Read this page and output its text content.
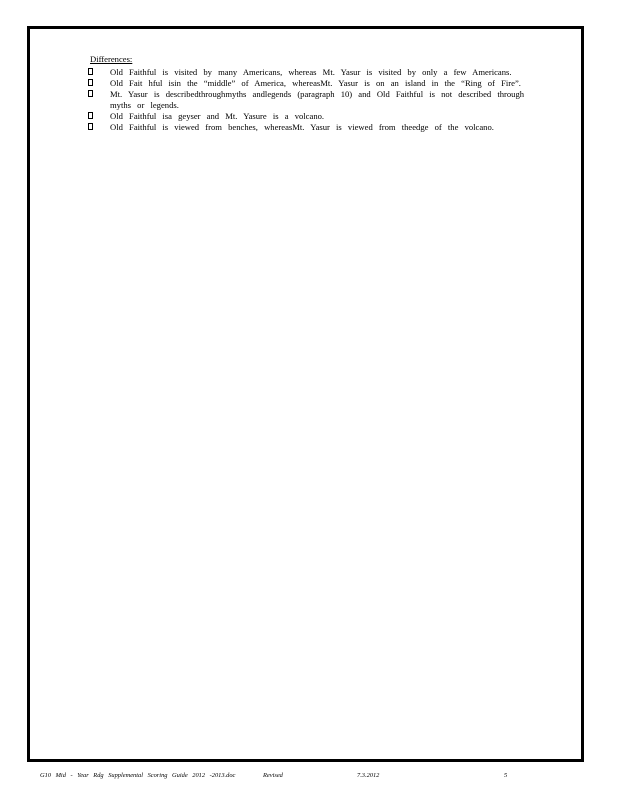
Differences:
Old Faithful is visited by many Americans, whereas Mt. Yasur is visited by only a few Americans.
Old Fait hful isin the “middle” of America, whereasMt. Yasur is on an island in the “Ring of Fire”.
Mt. Yasur is describedthroughmyths andlegends (paragraph 10) and Old Faithful is not described through myths or legends.
Old Faithful isa geyser and Mt. Yasure is a volcano.
Old Faithful is viewed from benches, whereasMt. Yasur is viewed from theedge of the volcano.
G10 Mid - Year Rdg Supplemental Scoring Guide 2012 -2013.doc	Revised	7.3.2012	5
